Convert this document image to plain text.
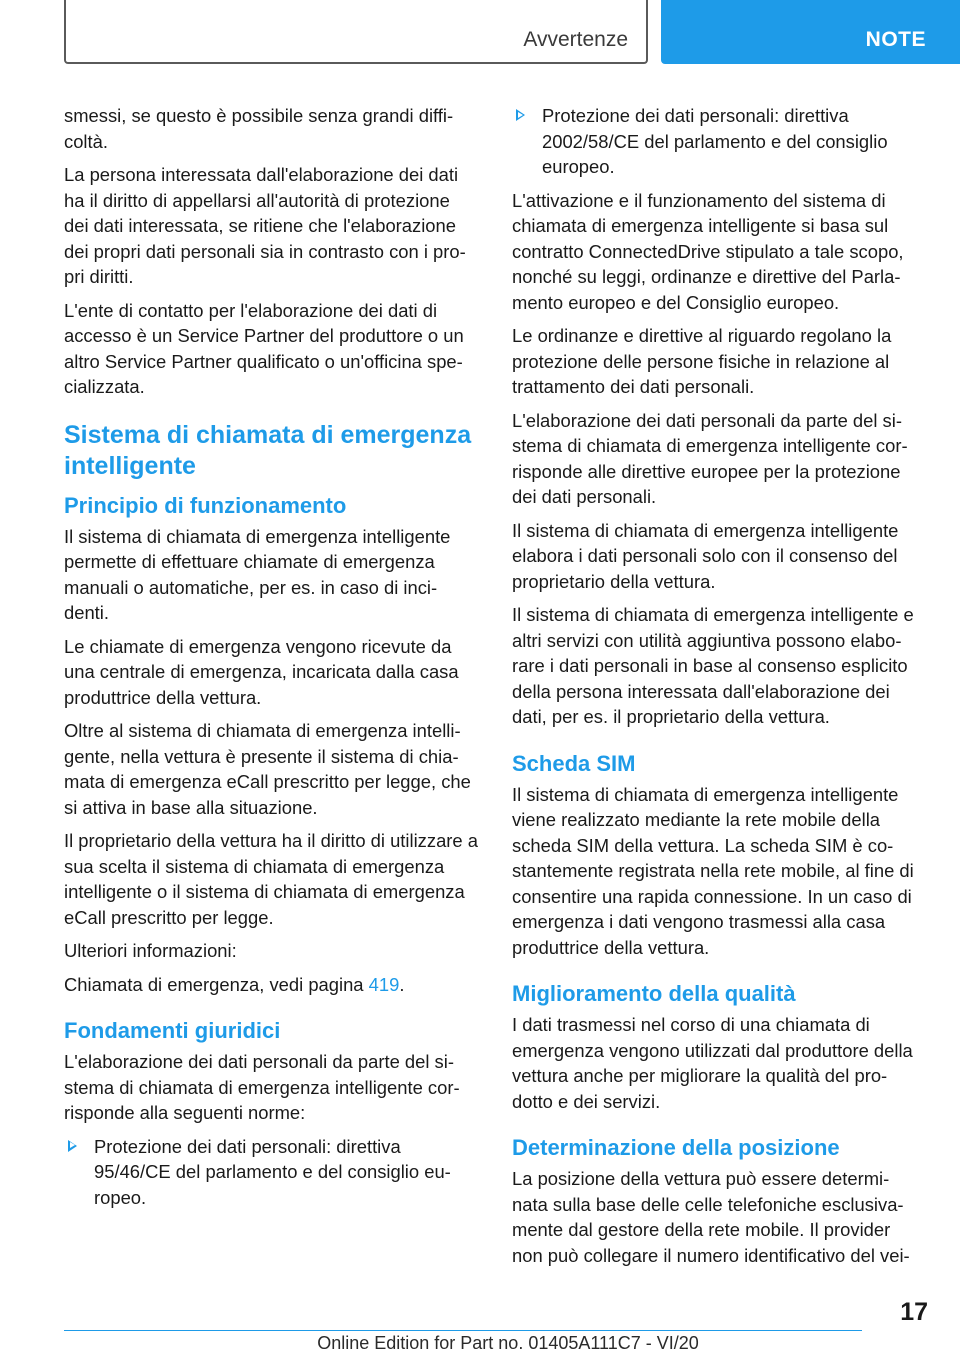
Avvertenze	NOTE

smessi, se questo è possibile senza grandi diffi‐ coltà.

La persona interessata dall'elaborazione dei dati ha il diritto di appellarsi all'autorità di protezione dei dati interessata, se ritiene che l'elaborazione dei propri dati personali sia in contrasto con i pro‐ pri diritti.

L'ente di contatto per l'elaborazione dei dati di accesso è un Service Partner del produttore o un altro Service Partner qualificato o un'officina spe‐ cializzata.

Sistema di chiamata di emergenza intelligente
Principio di funzionamento

Il sistema di chiamata di emergenza intelligente permette di effettuare chiamate di emergenza manuali o automatiche, per es. in caso di inci‐ denti.

Le chiamate di emergenza vengono ricevute da una centrale di emergenza, incaricata dalla casa produttrice della vettura.

Oltre al sistema di chiamata di emergenza intelli‐ gente, nella vettura è presente il sistema di chia‐ mata di emergenza eCall prescritto per legge, che si attiva in base alla situazione.

Il proprietario della vettura ha il diritto di utilizzare a sua scelta il sistema di chiamata di emergenza intelligente o il sistema di chiamata di emergenza eCall prescritto per legge.

Ulteriori informazioni:

Chiamata di emergenza, vedi pagina 419.

Fondamenti giuridici

L'elaborazione dei dati personali da parte del si‐ stema di chiamata di emergenza intelligente cor‐ risponde alla seguenti norme:

Protezione dei dati personali: direttiva 95/46/CE del parlamento e del consiglio eu‐ ropeo.
Protezione dei dati personali: direttiva 2002/58/CE del parlamento e del consiglio europeo.

L'attivazione e il funzionamento del sistema di chiamata di emergenza intelligente si basa sul contratto ConnectedDrive stipulato a tale scopo, nonché su leggi, ordinanze e direttive del Parla‐ mento europeo e del Consiglio europeo.

Le ordinanze e direttive al riguardo regolano la protezione delle persone fisiche in relazione al trattamento dei dati personali.

L'elaborazione dei dati personali da parte del si‐ stema di chiamata di emergenza intelligente cor‐ risponde alle direttive europee per la protezione dei dati personali.

Il sistema di chiamata di emergenza intelligente elabora i dati personali solo con il consenso del proprietario della vettura.

Il sistema di chiamata di emergenza intelligente e altri servizi con utilità aggiuntiva possono elabo‐ rare i dati personali in base al consenso esplicito della persona interessata dall'elaborazione dei dati, per es. il proprietario della vettura.

Scheda SIM

Il sistema di chiamata di emergenza intelligente viene realizzato mediante la rete mobile della scheda SIM della vettura. La scheda SIM è co‐ stantemente registrata nella rete mobile, al fine di consentire una rapida connessione. In un caso di emergenza i dati vengono trasmessi alla casa produttrice della vettura.

Miglioramento della qualità

I dati trasmessi nel corso di una chiamata di emergenza vengono utilizzati dal produttore della vettura anche per migliorare la qualità del pro‐ dotto e dei servizi.

Determinazione della posizione

La posizione della vettura può essere determi‐ nata sulla base delle celle telefoniche esclusiva‐ mente dal gestore della rete mobile. Il provider non può collegare il numero identificativo del vei‐

17
Online Edition for Part no. 01405A111C7 - VI/20
